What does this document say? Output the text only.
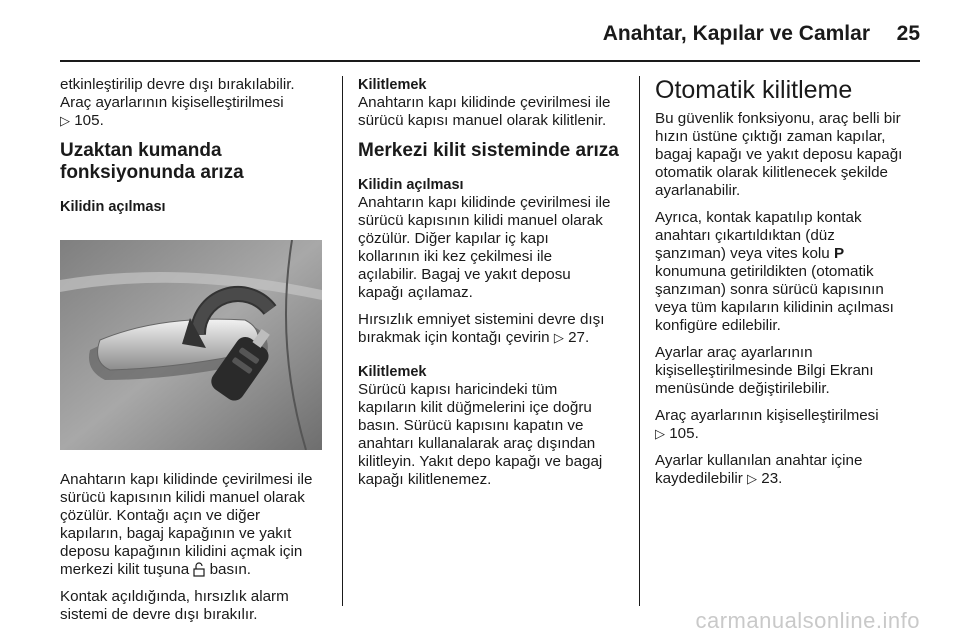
Anahtar, Kapılar ve Camlar 25

etkinleştirilip devre dışı bırakılabilir.
Araç ayarlarının kişiselleştirilmesi
▷ 105.

Uzaktan kumanda
fonksiyonunda arıza
Kilidin açılması

Anahtarın kapı kilidinde çevirilmesi ile
sürücü kapısının kilidi manuel olarak
çözülür. Kontağı açın ve diğer
kapıların, bagaj kapağının ve yakıt
deposu kapağının kilidini açmak için
merkezi kilit tuşuna basın.

Kontak açıldığında, hırsızlık alarm
sistemi de devre dışı bırakılır.

Kilitlemek

Anahtarın kapı kilidinde çevirilmesi ile
sürücü kapısı manuel olarak kilitlenir.

Merkezi kilit sisteminde arıza
Kilidin açılması

Anahtarın kapı kilidinde çevirilmesi ile
sürücü kapısının kilidi manuel olarak
çözülür. Diğer kapılar iç kapı
kollarının iki kez çekilmesi ile
açılabilir. Bagaj ve yakıt deposu
kapağı açılamaz.

Hırsızlık emniyet sistemini devre dışı
bırakmak için kontağı çevirin ▷ 27.

Kilitlemek

Sürücü kapısı haricindeki tüm
kapıların kilit düğmelerini içe doğru
basın. Sürücü kapısını kapatın ve
anahtarı kullanalarak araç dışından
kilitleyin. Yakıt depo kapağı ve bagaj
kapağı kilitlenemez.

Otomatik kilitleme

Bu güvenlik fonksiyonu, araç belli bir
hızın üstüne çıktığı zaman kapılar,
bagaj kapağı ve yakıt deposu kapağı
otomatik olarak kilitlenecek şekilde
ayarlanabilir.

Ayrıca, kontak kapatılıp kontak
anahtarı çıkartıldıktan (düz
şanzıman) veya vites kolu P
konumuna getirildikten (otomatik
şanzıman) sonra sürücü kapısının
veya tüm kapıların kilidinin açılması
konfigüre edilebilir.

Ayarlar araç ayarlarının
kişiselleştirilmesinde Bilgi Ekranı
menüsünde değiştirilebilir.

Araç ayarlarının kişiselleştirilmesi
▷ 105.

Ayarlar kullanılan anahtar içine
kaydedilebilir ▷ 23.

carmanualsonline.info
